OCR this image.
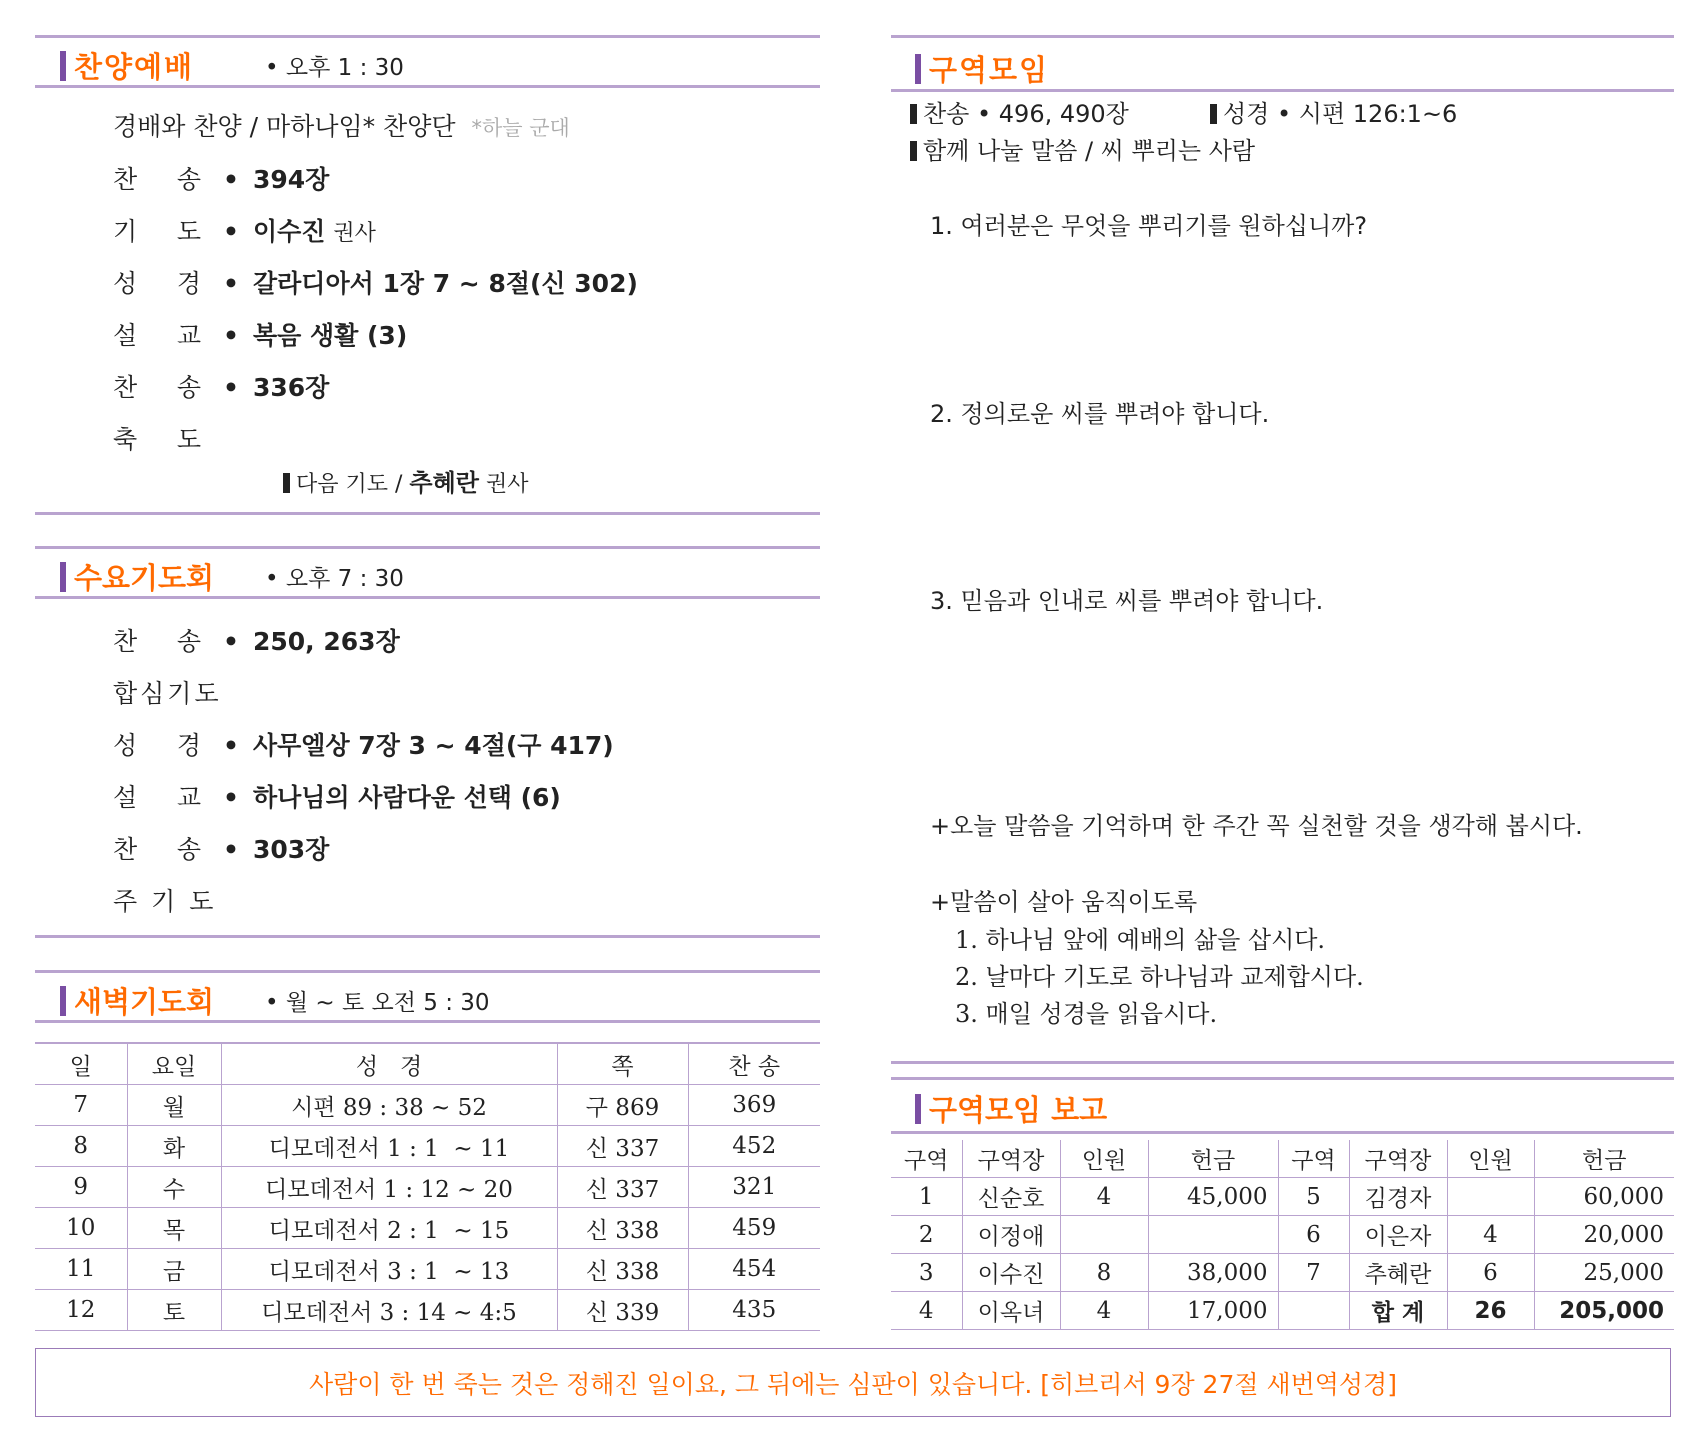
찬양예배	• 오후 1 : 30
경배와 찬양 / 마하나임* 찬양단 *하늘 군대
찬     송 • 394장
기     도 • 이수진 권사
성     경 • 갈라디아서 1장 7 ~ 8절(신 302)
설     교 • 복음 생활 (3)
찬     송 • 336장
축     도
다음 기도 / 추혜란 권사
수요기도회 • 오후 7 : 30
찬     송 • 250, 263장
합심기도
성     경 • 사무엘상 7장 3 ~ 4절(구 417)
설     교 • 하나님의 사람다운 선택 (6)
찬     송 • 303장
주 기 도
새벽기도회 • 월 ~ 토 오전 5 : 30
일	요일	성   경	쪽	찬 송
7	월	시편 89 : 38 ~ 52	구 869	369
8	화	디모데전서 1 : 1  ~ 11	신 337	452
9	수	디모데전서 1 : 12 ~ 20	신 337	321
10	목	디모데전서 2 : 1  ~ 15	신 338	459
11	금	디모데전서 3 : 1  ~ 13	신 338	454
12	토	디모데전서 3 : 14 ~ 4:5	신 339	435
구역모임
찬송 • 496, 490장	성경 • 시편 126:1~6
함께 나눌 말씀 / 씨 뿌리는 사람
1. 여러분은 무엇을 뿌리기를 원하십니까?
2. 정의로운 씨를 뿌려야 합니다.
3. 믿음과 인내로 씨를 뿌려야 합니다.
+오늘 말씀을 기억하며 한 주간 꼭 실천할 것을 생각해 봅시다.
+말씀이 살아 움직이도록
1. 하나님 앞에 예배의 삶을 삽시다.
2. 날마다 기도로 하나님과 교제합시다.
3. 매일 성경을 읽읍시다.
구역모임 보고
구역	구역장	인원	헌금	구역	구역장	인원	헌금
1	신순호	4	45,000	5	김경자		60,000
2	이정애			6	이은자	4	20,000
3	이수진	8	38,000	7	추혜란	6	25,000
4	이옥녀	4	17,000		합 계	26	205,000
사람이 한 번 죽는 것은 정해진 일이요, 그 뒤에는 심판이 있습니다. [히브리서 9장 27절 새번역성경]
